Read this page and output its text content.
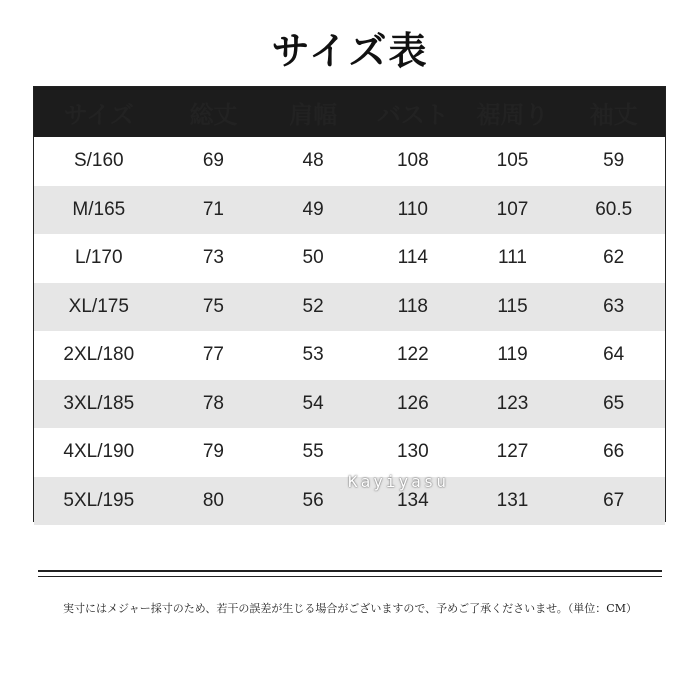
サイズ表
サイズ	総丈	肩幅	バスト	裾周り	袖丈
S/160	69	48	108	105	59
M/165	71	49	110	107	60.5
L/170	73	50	114	111	62
XL/175	75	52	118	115	63
2XL/180	77	53	122	119	64
3XL/185	78	54	126	123	65
4XL/190	79	55	130	127	66
5XL/195	80	56	134	131	67
Kayiyasu
実寸にはメジャー採寸のため、若干の誤差が生じる場合がございますので、予めご了承くださいませ。（単位：CM）
